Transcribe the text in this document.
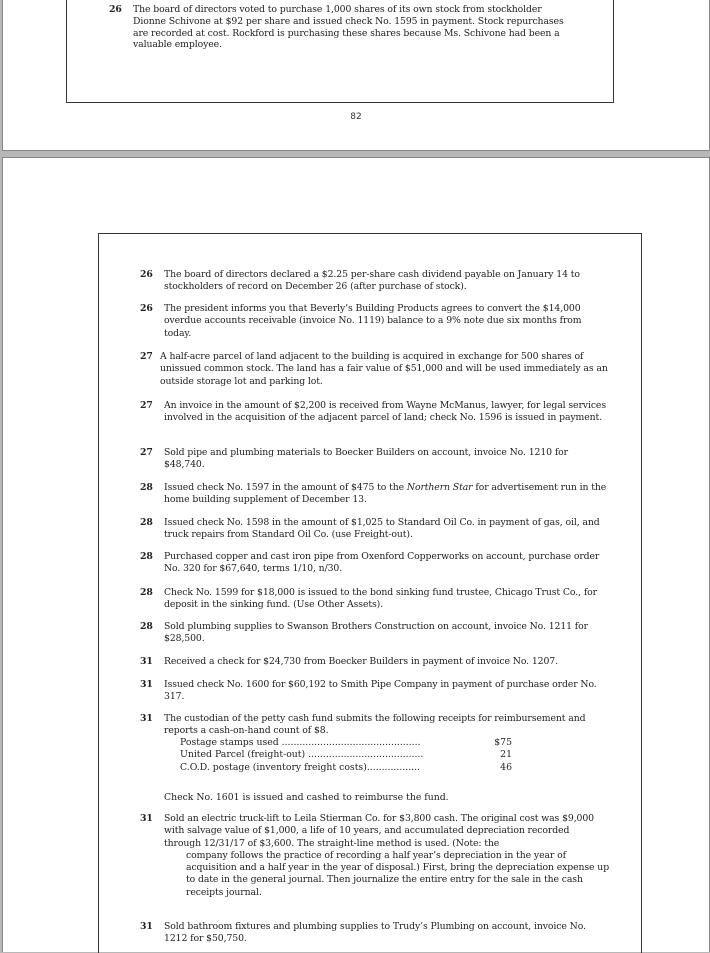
26 The board of directors voted to purchase 1,000 shares of its own stock from stockholder Dionne Schivone at $92 per share and issued check No. 1595 in payment. Stock repurchases are recorded at cost. Rockford is purchasing these shares because Ms. Schivone had been a valuable employee.
82
26 The board of directors declared a $2.25 per-share cash dividend payable on January 14 to stockholders of record on December 26 (after purchase of stock).
26 The president informs you that Beverly’s Building Products agrees to convert the $14,000 overdue accounts receivable (invoice No. 1119) balance to a 9% note due six months from today.
27 A half-acre parcel of land adjacent to the building is acquired in exchange for 500 shares of unissued common stock. The land has a fair value of $51,000 and will be used immediately as an outside storage lot and parking lot.
27 An invoice in the amount of $2,200 is received from Wayne McManus, lawyer, for legal services involved in the acquisition of the adjacent parcel of land; check No. 1596 is issued in payment.
27 Sold pipe and plumbing materials to Boecker Builders on account, invoice No. 1210 for $48,740.
28 Issued check No. 1597 in the amount of $475 to the Northern Star for advertisement run in the home building supplement of December 13.
28 Issued check No. 1598 in the amount of $1,025 to Standard Oil Co. in payment of gas, oil, and truck repairs from Standard Oil Co. (use Freight-out).
28 Purchased copper and cast iron pipe from Oxenford Copperworks on account, purchase order No. 320 for $67,640, terms 1/10, n/30.
28 Check No. 1599 for $18,000 is issued to the bond sinking fund trustee, Chicago Trust Co., for deposit in the sinking fund. (Use Other Assets).
28 Sold plumbing supplies to Swanson Brothers Construction on account, invoice No. 1211 for $28,500.
31 Received a check for $24,730 from Boecker Builders in payment of invoice No. 1207.
31 Issued check No. 1600 for $60,192 to Smith Pipe Company in payment of purchase order No. 317.
31 The custodian of the petty cash fund submits the following receipts for reimbursement and reports a cash-on-hand count of $8.
Postage stamps used ...............................................	$75
United Parcel (freight-out) .......................................	21
C.O.D. postage (inventory freight costs)..................	46
Check No. 1601 is issued and cashed to reimburse the fund.
31 Sold an electric truck-lift to Leila Stierman Co. for $3,800 cash. The original cost was $9,000 with salvage value of $1,000, a life of 10 years, and accumulated depreciation recorded through 12/31/17 of $3,600. The straight-line method is used. (Note: the
company follows the practice of recording a half year’s depreciation in the year of acquisition and a half year in the year of disposal.) First, bring the depreciation expense up to date in the general journal. Then journalize the entire entry for the sale in the cash receipts journal.
31 Sold bathroom fixtures and plumbing supplies to Trudy’s Plumbing on account, invoice No. 1212 for $50,750.
